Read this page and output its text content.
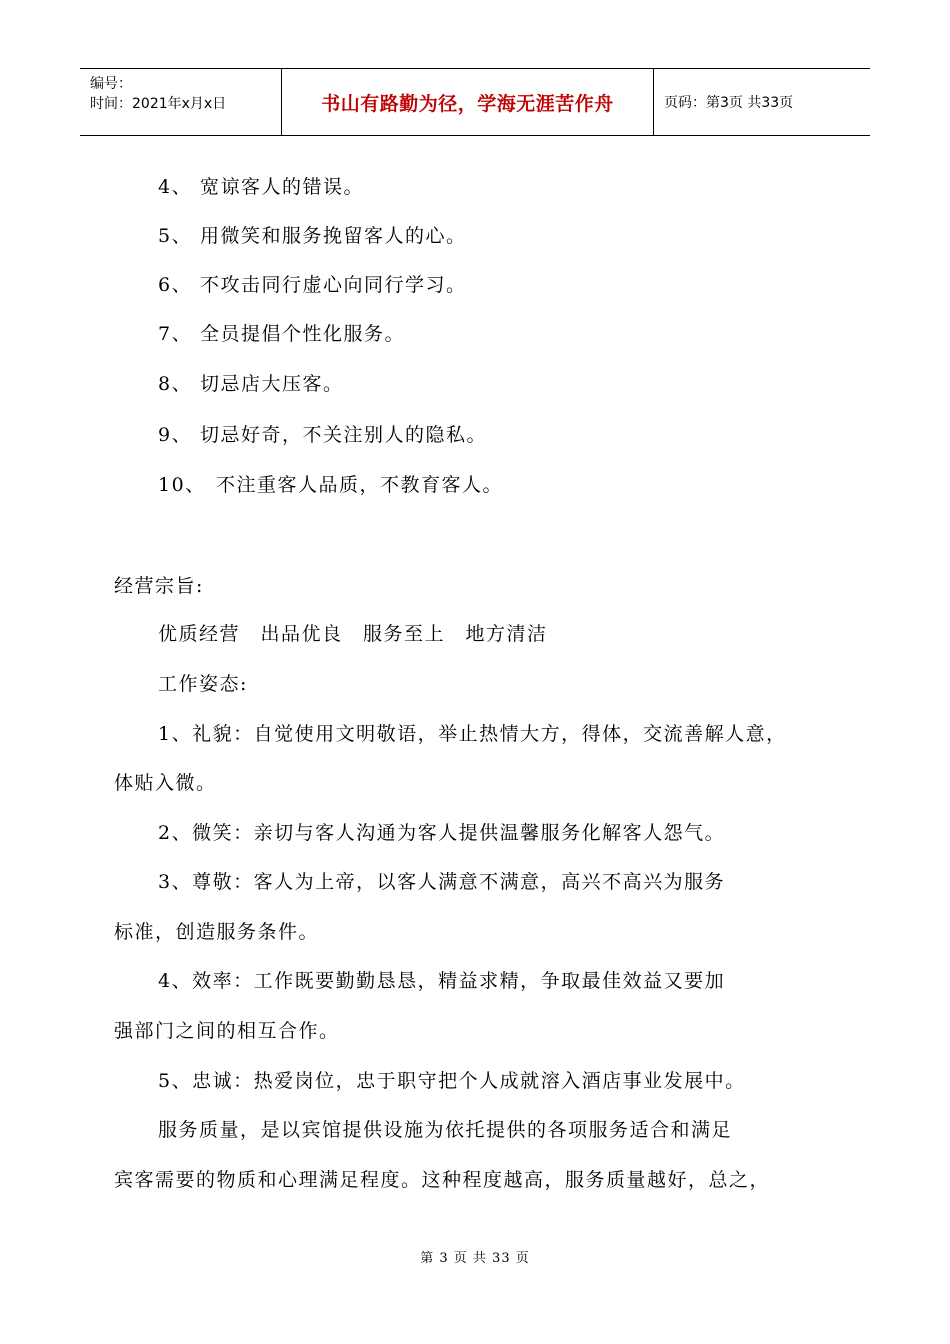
编号：
时间：2021年x月x日	书山有路勤为径，学海无涯苦作舟	页码：第3页 共33页
4、 宽谅客人的错误。
5、 用微笑和服务挽留客人的心。
6、 不攻击同行虚心向同行学习。
7、 全员提倡个性化服务。
8、 切忌店大压客。
9、 切忌好奇，不关注别人的隐私。
10、 不注重客人品质，不教育客人。
经营宗旨:
优质经营　出品优良　服务至上　地方清洁
工作姿态:
1、礼貌：自觉使用文明敬语，举止热情大方，得体，交流善解人意，
体贴入微。
2、微笑：亲切与客人沟通为客人提供温馨服务化解客人怨气。
3、尊敬：客人为上帝，以客人满意不满意，高兴不高兴为服务
标准，创造服务条件。
4、效率：工作既要勤勤恳恳，精益求精，争取最佳效益又要加
强部门之间的相互合作。
5、忠诚：热爱岗位，忠于职守把个人成就溶入酒店事业发展中。
服务质量，是以宾馆提供设施为依托提供的各项服务适合和满足
宾客需要的物质和心理满足程度。这种程度越高，服务质量越好，总之，
第 3 页 共 33 页
